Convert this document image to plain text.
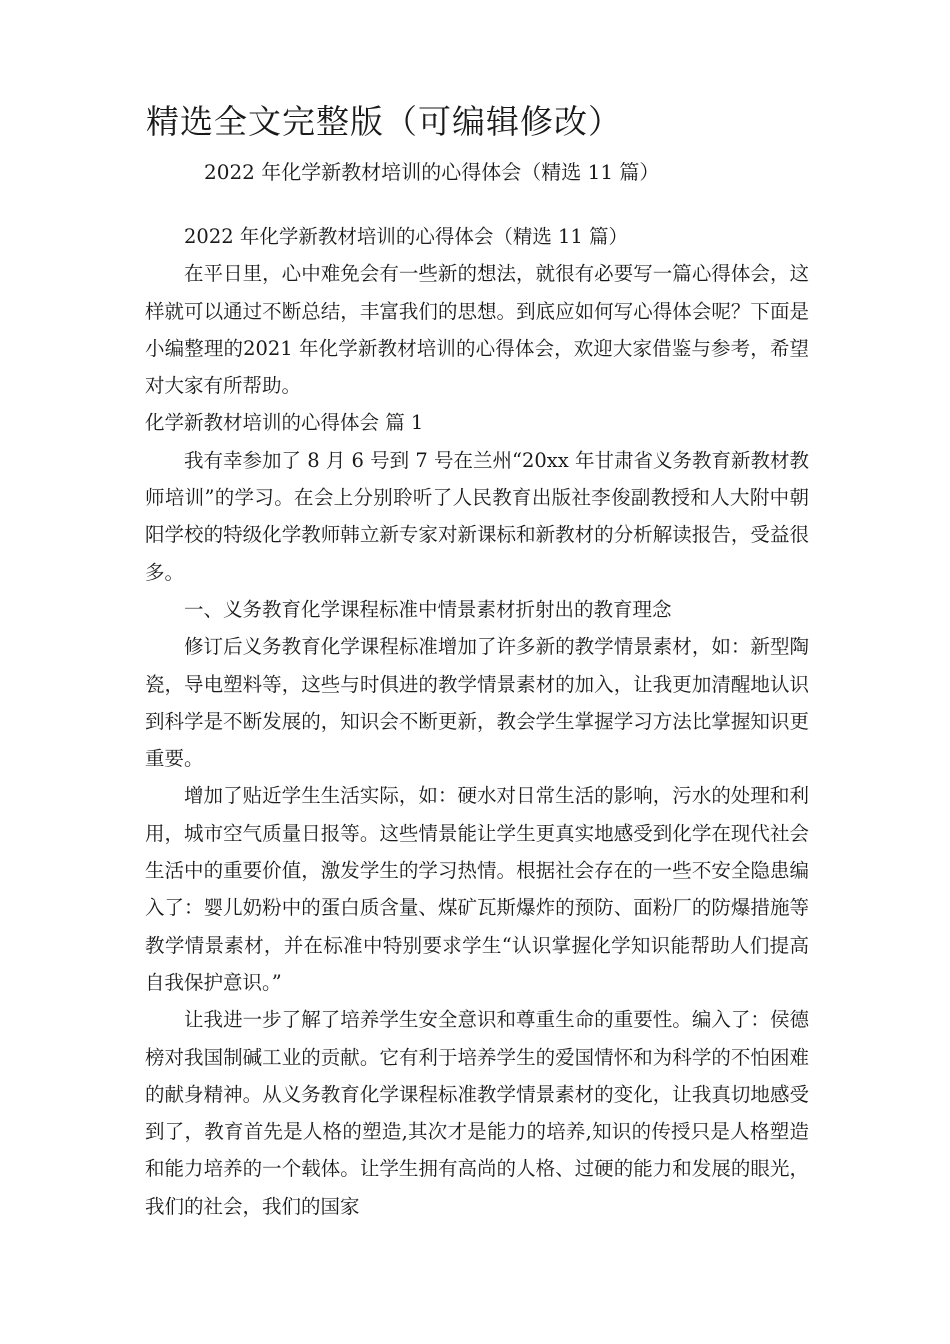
精选全文完整版（可编辑修改）
2022 年化学新教材培训的心得体会（精选 11 篇）

2022 年化学新教材培训的心得体会（精选 11 篇）

在平日里，心中难免会有一些新的想法，就很有必要写一篇心得体会，这样就可以通过不断总结，丰富我们的思想。到底应如何写心得体会呢？下面是小编整理的2021 年化学新教材培训的心得体会，欢迎大家借鉴与参考，希望对大家有所帮助。

化学新教材培训的心得体会 篇 1

我有幸参加了 8 月 6 号到 7 号在兰州“20xx 年甘肃省义务教育新教材教师培训”的学习。在会上分别聆听了人民教育出版社李俊副教授和人大附中朝阳学校的特级化学教师韩立新专家对新课标和新教材的分析解读报告，受益很多。

一、义务教育化学课程标准中情景素材折射出的教育理念

修订后义务教育化学课程标准增加了许多新的教学情景素材，如：新型陶瓷，导电塑料等，这些与时俱进的教学情景素材的加入，让我更加清醒地认识到科学是不断发展的，知识会不断更新，教会学生掌握学习方法比掌握知识更重要。

增加了贴近学生生活实际，如：硬水对日常生活的影响，污水的处理和利用，城市空气质量日报等。这些情景能让学生更真实地感受到化学在现代社会生活中的重要价值，激发学生的学习热情。根据社会存在的一些不安全隐患编入了：婴儿奶粉中的蛋白质含量、煤矿瓦斯爆炸的预防、面粉厂的防爆措施等教学情景素材，并在标准中特别要求学生“认识掌握化学知识能帮助人们提高自我保护意识。”

让我进一步了解了培养学生安全意识和尊重生命的重要性。编入了：侯德榜对我国制碱工业的贡献。它有利于培养学生的爱国情怀和为科学的不怕困难的献身精神。从义务教育化学课程标准教学情景素材的变化，让我真切地感受到了，教育首先是人格的塑造,其次才是能力的培养,知识的传授只是人格塑造和能力培养的一个载体。让学生拥有高尚的人格、过硬的能力和发展的眼光，我们的社会，我们的国家
